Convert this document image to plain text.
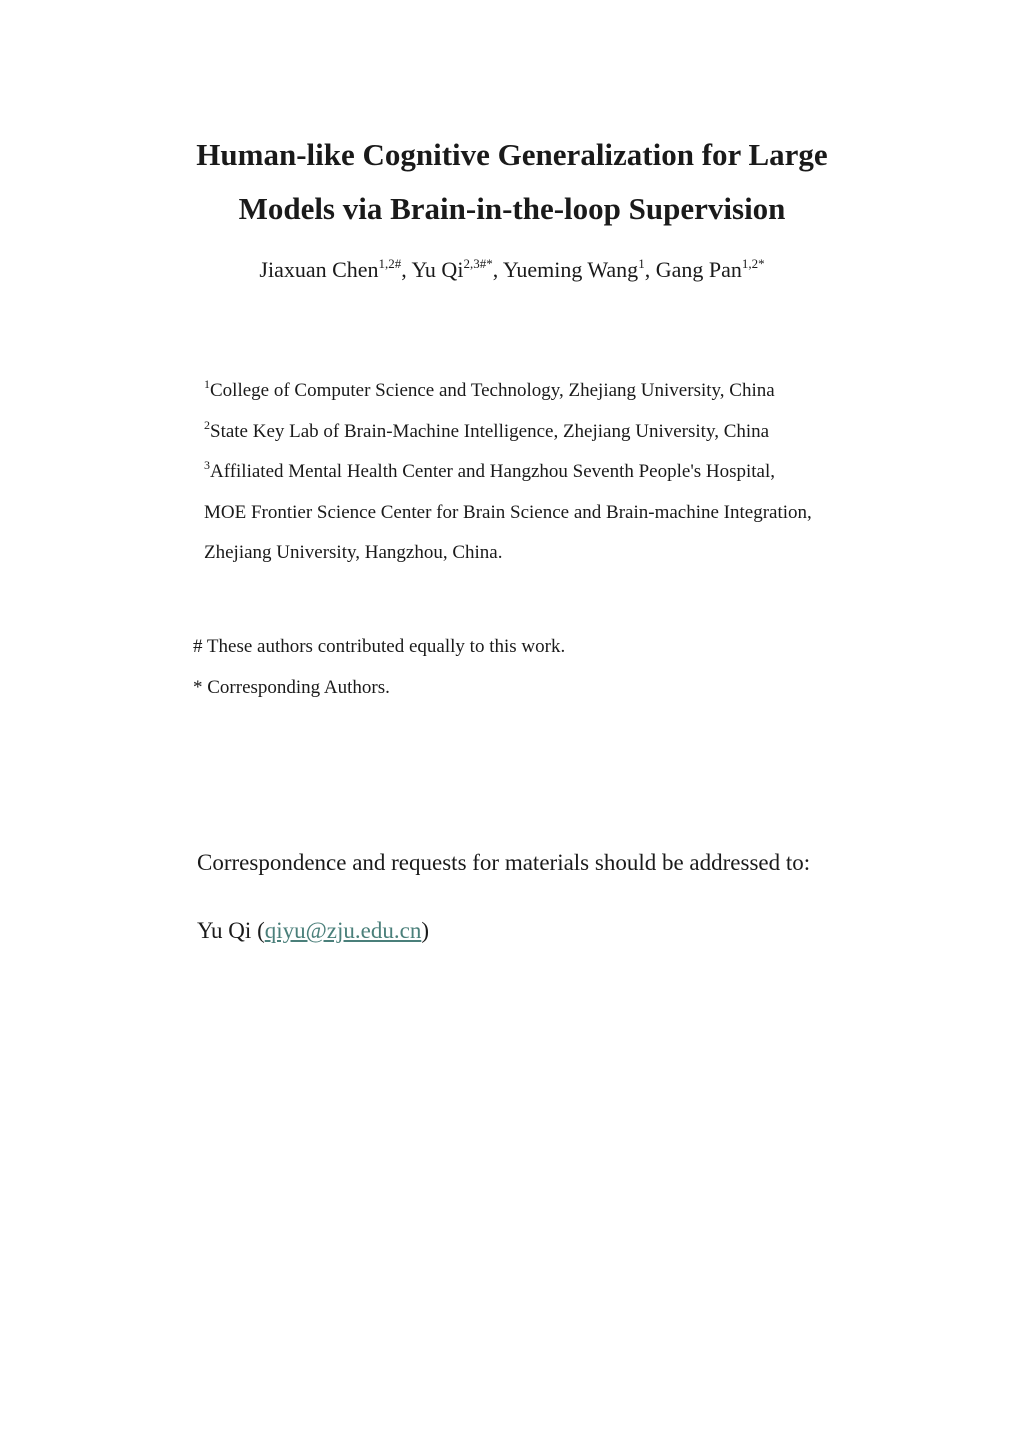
Human-like Cognitive Generalization for Large
Models via Brain-in-the-loop Supervision
Jiaxuan Chen$^{1,2\#}$, Yu $Qi^{2,3\#*}$, Yueming Wang$^1$, Gang Pan$^{1,2*}$
$^1$College of Computer Science and Technology, Zhejiang University, China
$^2$State Key Lab of Brain-Machine Intelligence, Zhejiang University, China
$^3$Affiliated Mental Health Center and Hangzhou Seventh People's Hospital,
MOE Frontier Science Center for Brain Science and Brain-machine Integration,
Zhejiang University, Hangzhou, China.
# These authors contributed equally to this work.
* Corresponding Authors.
Correspondence and requests for materials should be addressed to:
Yu Qi (qiyu@zju.edu.cn)
